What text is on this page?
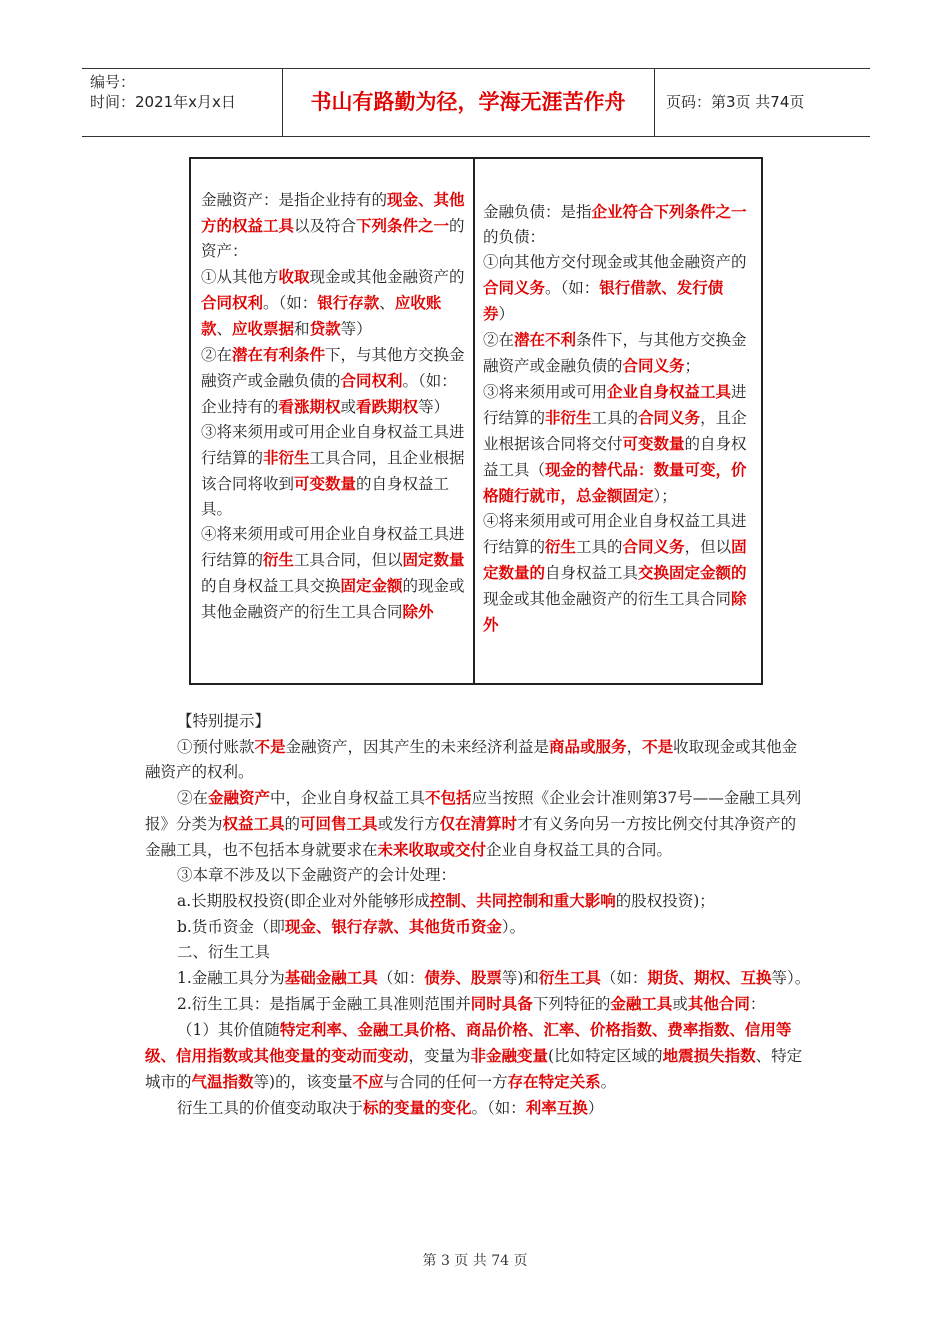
编号：
时间：2021年x月x日	书山有路勤为径，学海无涯苦作舟	页码：第3页 共74页
金融资产：是指企业持有的现金、其他方的权益工具以及符合下列条件之一的资产：
①从其他方收取现金或其他金融资产的合同权利。（如：银行存款、应收账款、应收票据和贷款等）
②在潜在有利条件下，与其他方交换金融资产或金融负债的合同权利。（如：企业持有的看涨期权或看跌期权等）
③将来须用或可用企业自身权益工具进行结算的非衍生工具合同，且企业根据该合同将收到可变数量的自身权益工具。
④将来须用或可用企业自身权益工具进行结算的衍生工具合同，但以固定数量的自身权益工具交换固定金额的现金或其他金融资产的衍生工具合同除外
金融负债：是指企业符合下列条件之一的负债：
①向其他方交付现金或其他金融资产的合同义务。（如：银行借款、发行债券）
②在潜在不利条件下，与其他方交换金融资产或金融负债的合同义务；
③将来须用或可用企业自身权益工具进行结算的非衍生工具的合同义务，且企业根据该合同将交付可变数量的自身权益工具（现金的替代品：数量可变，价格随行就市，总金额固定）；
④将来须用或可用企业自身权益工具进行结算的衍生工具的合同义务，但以固定数量的自身权益工具交换固定金额的现金或其他金融资产的衍生工具合同除外

【特别提示】

①预付账款不是金融资产，因其产生的未来经济利益是商品或服务，不是收取现金或其他金融资产的权利。

②在金融资产中，企业自身权益工具不包括应当按照《企业会计准则第37号——金融工具列报》分类为权益工具的可回售工具或发行方仅在清算时才有义务向另一方按比例交付其净资产的金融工具，也不包括本身就要求在未来收取或交付企业自身权益工具的合同。

③本章不涉及以下金融资产的会计处理：

a.长期股权投资(即企业对外能够形成控制、共同控制和重大影响的股权投资)；

b.货币资金（即现金、银行存款、其他货币资金）。

二、衍生工具

1.金融工具分为基础金融工具（如：债券、股票等)和衍生工具（如：期货、期权、互换等）。

2.衍生工具：是指属于金融工具准则范围并同时具备下列特征的金融工具或其他合同：

（1）其价值随特定利率、金融工具价格、商品价格、汇率、价格指数、费率指数、信用等级、信用指数或其他变量的变动而变动，变量为非金融变量(比如特定区域的地震损失指数、特定城市的气温指数等)的，该变量不应与合同的任何一方存在特定关系。

衍生工具的价值变动取决于标的变量的变化。（如：利率互换）

第 3 页 共 74 页
